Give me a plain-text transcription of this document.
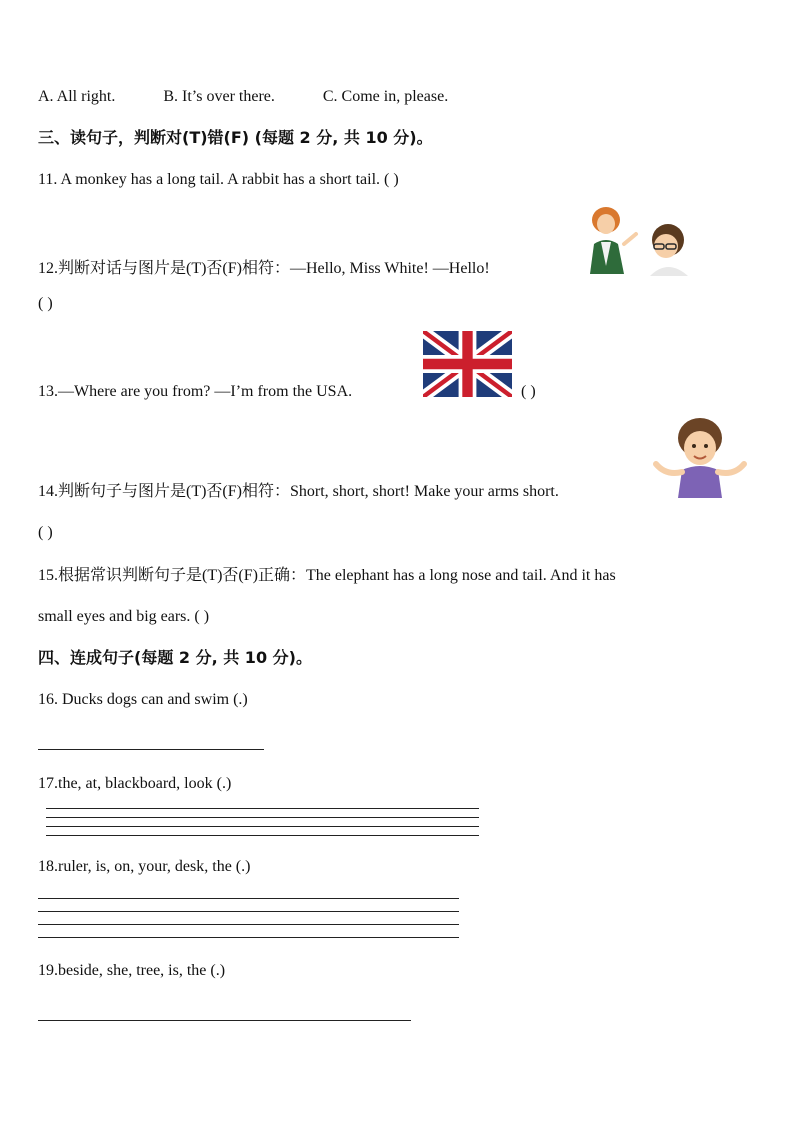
A. All right.	B. It’s over there.	C. Come in, please.
三、读句子，判断对(T)错(F) (每题 2 分, 共 10 分)。
11. A monkey has a long tail. A rabbit has a short tail. ( )
12.判断对话与图片是(T)否(F)相符：—Hello, Miss White! —Hello!
( )
13.—Where are you from? —I’m from the USA.	( )
14.判断句子与图片是(T)否(F)相符：Short, short, short! Make your arms short.
( )
15.根据常识判断句子是(T)否(F)正确：The elephant has a long nose and tail. And it has
small eyes and big ears. ( )
四、连成句子(每题 2 分, 共 10 分)。
16. Ducks dogs can and swim (.)
17.the, at, blackboard, look (.)
18.ruler, is, on, your, desk, the (.)
19.beside, she, tree, is, the (.)
